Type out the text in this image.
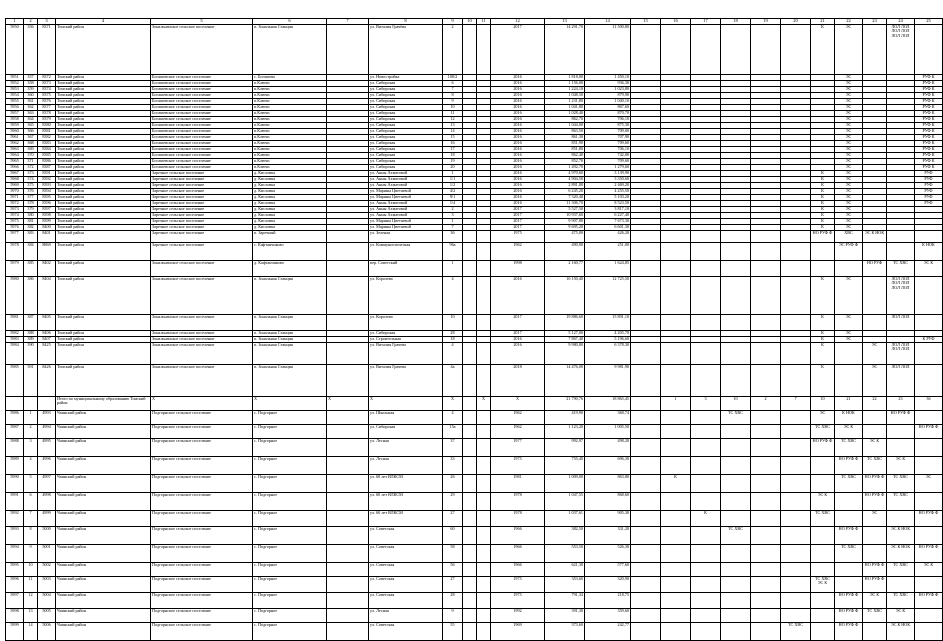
1	2	3	4	5	6	7	8	9	10	11	12	13	14	15	16	17	18	19	20	21	22	23	24	25
5950	356	8371	Томский район	Зональненское сельское поселение	п. Зональная Станция		ул. Виталия Грачёва	2			2017	14 291,70	11 500,80							К	ЭС		ЛОЛ ЛОЛ ЛОЛ ЛОЛ ЛОЛ ЛОЛ	
5951	357	8372	Томский район	Богашевское сельское поселение	с. Богашево		ул. Новостройка	100/2			2016	1 818,00	1 450,10								ЭС			РУФ К
5952	358	8373	Томский район	Богашевское сельское поселение	п.Ключи		ул. Сибирская	6			2016	1 156,00	936,30								ЭС			РУФ К
5953	359	8374	Томский район	Богашевское сельское поселение	п.Ключи		ул. Сибирская	7			2016	1 224,10	1 023,80								ЭС			РУФ К
5954	360	8375	Томский район	Богашевское сельское поселение	п.Ключи		ул. Сибирская	8			2016	1 048,50	879,90								ЭС			РУФ К
5955	361	8376	Томский район	Богашевское сельское поселение	п.Ключи		ул. Сибирская	9			2016	1 231,80	1 040,10								ЭС			РУФ К
5956	362	8377	Томский район	Богашевское сельское поселение	п.Ключи		ул. Сибирская	10			2016	1 041,80	867,60								ЭС			РУФ К
5957	363	8378	Томский район	Богашевское сельское поселение	п.Ключи		ул. Сибирская	11			2016	1 028,40	870,70								ЭС			РУФ К
5958	364	8379	Томский район	Богашевское сельское поселение	п.Ключи		ул. Сибирская	12			2016	862,70	706,10								ЭС			РУФ К
5959	365	8380	Томский район	Богашевское сельское поселение	п.Ключи		ул. Сибирская	13			2016	1 044,00	875,30								ЭС			РУФ К
5960	366	8381	Томский район	Богашевское сельское поселение	п.Ключи		ул. Сибирская	14			2016	863,50	709,00								ЭС			РУФ К
5961	367	8382	Томский район	Богашевское сельское поселение	п.Ключи		ул. Сибирская	15			2016	861,30	707,90								ЭС			РУФ К
5962	368	8383	Томский район	Богашевское сельское поселение	п.Ключи		ул. Сибирская	16			2016	851,90	709,60								ЭС			РУФ К
5963	369	8384	Томский район	Богашевское сельское поселение	п.Ключи		ул. Сибирская	17			2016	851,80	706,10								ЭС			РУФ К
5964	370	8385	Томский район	Богашевское сельское поселение	п.Ключи		ул. Сибирская	18			2016	862,40	742,00								ЭС			РУФ К
5965	371	8386	Томский район	Богашевское сельское поселение	п.Ключи		ул. Сибирская	19			2016	852,70	709,60								ЭС			РУФ К
5966	372	8387	Томский район	Богашевское сельское поселение	п.Ключи		ул. Сибирская	20			2016	1 492,70	1 279,60								ЭС			РУФ К
5967	373	8391	Томский район	Заречное сельское поселение	д. Кисловка		ул. Анны Ахматовой	1			2016	4 970,60	3 139,90							К	ЭС			РУФ
5968	374	8392	Томский район	Заречное сельское поселение	д. Кисловка		ул. Анны Ахматовой	1/1			2016	4 904,50	3 350,60							К	ЭС			РУФ
5969	375	8393	Томский район	Заречное сельское поселение	д. Кисловка		ул. Анны Ахматовой	1/2			2016	2 891,80	2 469,20							К	ЭС			РУФ
5970	376	8394	Томский район	Заречное сельское поселение	д. Кисловка		ул. Марины Цветаевой	4/2			2016	6 245,20	4 255,50							К	ЭС			РУФ
5971	377	8395	Томский район	Заречное сельское поселение	д. Кисловка		ул. Марины Цветаевой	9/1			2016	7 320,40	5 103,20							К	ЭС			РУФ
5972	378	8396	Томский район	Заречное сельское поселение	д. Кисловка		ул. Анны Ахматовой	1/4			2016	11 306,70	8 523,50							К	ЭС			РУФ
5973	379	8397	Томский район	Заречное сельское поселение	д. Кисловка		ул. Анны Ахматовой	2			2017	5 527,50	3 817,10							К	ЭС			
5974	380	8398	Томский район	Заречное сельское поселение	д. Кисловка		ул. Анны Ахматовой	3			2017	10 937,60	6 227,40							К	ЭС			
5975	381	8399	Томский район	Заречное сельское поселение	д. Кисловка		ул. Марины Цветаевой	1			2017	9 907,80	7 673,30							К	ЭС			
5976	382	8400	Томский район	Заречное сельское поселение	д. Кисловка		ул. Марины Цветаевой	7			2017	9 695,20	6 601,30							К	ЭС			
5977	383	8401	Томский район	Заречное сельское поселение	п. Заречный		ул. Зеленая	36			1975	475,00	426,20							НО РУФ Ф	ХВС	ЭС К НОК		
5978	384	8869	Томский район	Заречное сельское поселение	с. Кафтанчиково		ул. Коммунистическая	96а			1962	490,00	251,00								ЭС РУФ Ф			К НОК
5979	385	8402	Томский район	Зональненское сельское поселение	д. Кафтанчиково		пер. Советский	1			1998	2 160,77	1 624,85									НО РУФ	ТС ХВС	ЭС К
5980	386	8404	Томский район	Зональненское сельское поселение	п. Зональная Станция		ул. Королева	4			2016	16 150,40	12 725,50							К	ЭС		ЛОЛ ЛОЛ ЛОЛ ЛОЛ ЛОЛ ЛОЛ	
5981	387	8405	Томский район	Зональненское сельское поселение	п. Зональная Станция		ул. Королева	10			2017	19 886,60	15 891,10							К	ЭС		ЛОЛ ЛОЛ	
5982	388	8406	Томский район	Зональненское сельское поселение	п. Зональная Станция		ул. Сибирская	28			2017	5 127,00	4 205,70							К	ЭС			
5983	389	8407	Томский район	Зональненское сельское поселение	п. Зональная Станция		ул. Строительная	18			2016	7 867,40	5 196,60							К	ЭС			К РУФ
5984	390	8425	Томский район	Зональненское сельское поселение	п. Зональная Станция		ул. Виталия Грачева	4			2016	9 980,80	6 378,30							К		ЭС	ЛОЛ ЛОЛ ЛОЛ ЛОЛ	
5985	391	8426	Томский район	Зональненское сельское поселение	п. Зональная Станция		ул. Виталия Грачева	4а			2018	14 476,00	9 981,90							К		ЭС	ЛОЛ ЛОЛ	
			Итого по муниципальному образованию Томский район	X	X	X	X	X		X	X	21 790,76	18 865,45		1	3	10	2	7	10	21	22	23	36
5986	1	4993	Чаинский район	Подгорнское сельское поселение	с. Подгорное		ул. Школьная	4			1962	419,90	368,74				ТС ХВС			ЭС	К НОК		НО РУФ Ф	
5987	2	4994	Чаинский район	Подгорнское сельское поселение	с. Подгорное		ул. Сибирская	15а			1962	1 123,20	1 005,50							ТС ХВС	ЭС К			НО РУФ Ф
5988	3	4995	Чаинский район	Подгорнское сельское поселение	с. Подгорное		ул. Лесная	37			1977	992,97	498,20							НО РУФ Ф	ТС ХВС	ЭС К		
5989	4	4996	Чаинский район	Подгорнское сельское поселение	с. Подгорное		ул. Лесная	33			1975	755,40	696,30								НО РУФ Ф	ТС ХВС	ЭС К	
5990	5	4997	Чаинский район	Подгорнское сельское поселение	с. Подгорное		ул. 60 лет ВЛКСМ	26			1981	1 009,00	863,80		К						ТС ХВС	НО РУФ Ф	ТС ХВС	ЭС
5991	6	4998	Чаинский район	Подгорнское сельское поселение	с. Подгорное		ул. 60 лет ВЛКСМ	29			1978	1 047,55	868,60							ЭС К		НО РУФ Ф	ТС ХВС	
5992	7	4999	Чаинский район	Подгорнское сельское поселение	с. Подгорное		ул. 60 лет ВЛКСМ	27			1978	1 037,61	905,30			К				ТС ХВС		ЭС		НО РУФ Ф
5993	8	5000	Чаинский район	Подгорнское сельское поселение	с. Подгорное		ул. Советская	60			1966	382,50	331,20				ТС ХВС				НО РУФ Ф		ЭС К НОК	
5994	9	5001	Чаинский район	Подгорнское сельское поселение	с. Подгорное		ул. Советская	58			1966	553,50	526,30								ТС ХВС		ЭС К НОК	НО РУФ Ф
5995	10	5002	Чаинский район	Подгорнское сельское поселение	с. Подгорное		ул. Советская	56			1966	621,30	577,60									НО РУФ Ф	ТС ХВС	ЭС К
5996	11	5003	Чаинский район	Подгорнское сельское поселение	с. Подгорное		ул. Советская	27			1975	353,60	320,90							ТС ХВС ЭС К		НО РУФ Ф		
5997	12	5004	Чаинский район	Подгорнское сельское поселение	с. Подгорное		ул. Советская	28			1975	791,34	218,75								НО РУФ Ф	ЭС К	ТС ХВС	НО РУФ Ф
5998	13	5005	Чаинский район	Подгорнское сельское поселение	с. Подгорное		ул. Лесная	9			1992	391,30	359,60								НО РУФ Ф	ТС ХВС	ЭС К	
5999	14	5006	Чаинский район	Подгорнское сельское поселение	с. Подгорное		ул. Советская	55			1969	373,60	242,77						ТС ХВС		НО РУФ Ф		ЭС К НОК	
